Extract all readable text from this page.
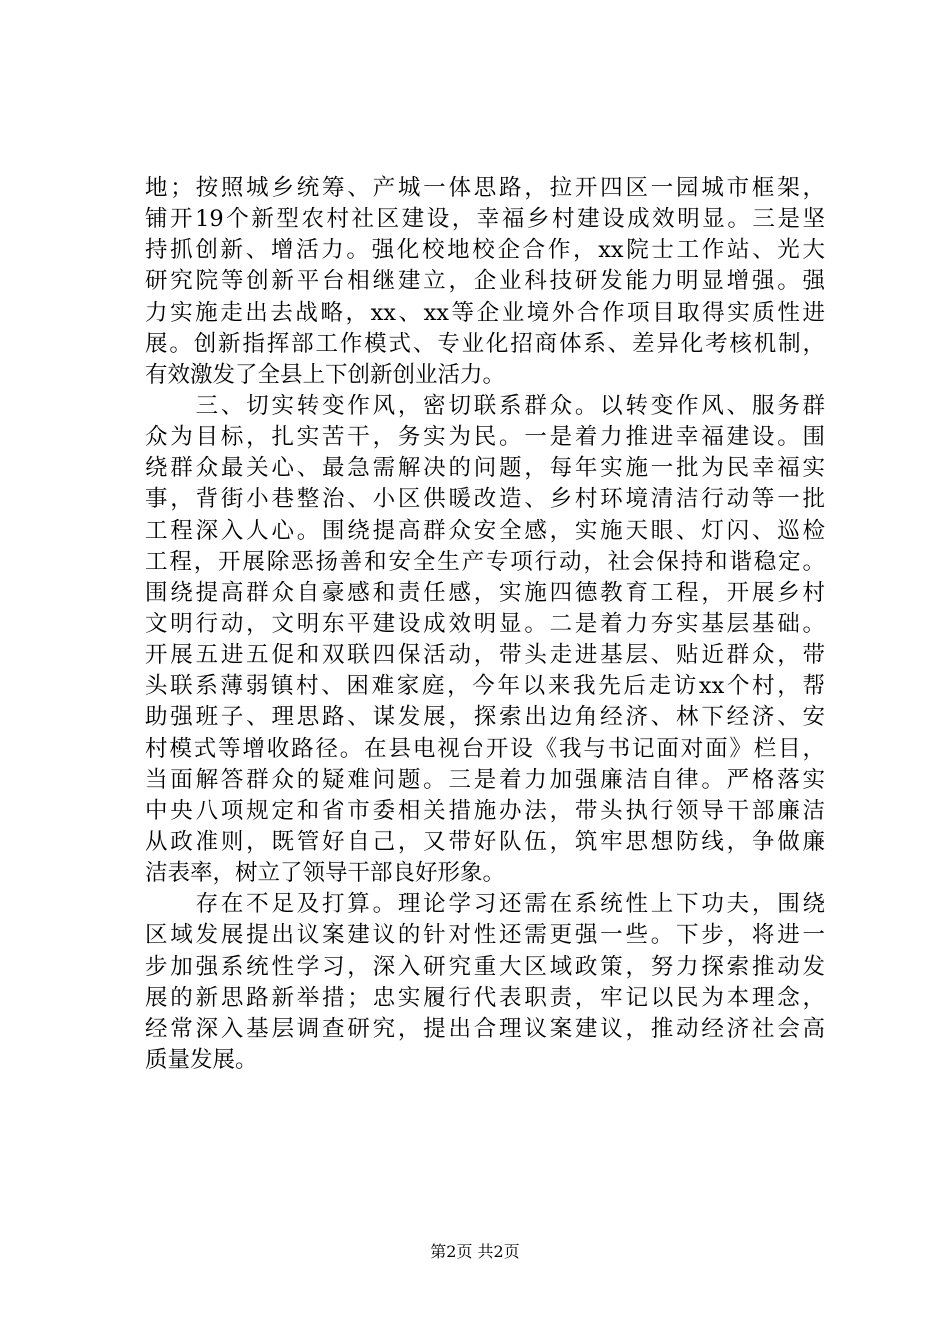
地；按照城乡统筹、产城一体思路，拉开四区一园城市框架，
铺开19个新型农村社区建设，幸福乡村建设成效明显。三是坚
持抓创新、增活力。强化校地校企合作，xx院士工作站、光大
研究院等创新平台相继建立，企业科技研发能力明显增强。强
力实施走出去战略，xx、xx等企业境外合作项目取得实质性进
展。创新指挥部工作模式、专业化招商体系、差异化考核机制，
有效激发了全县上下创新创业活力。
　　三、切实转变作风，密切联系群众。以转变作风、服务群
众为目标，扎实苦干，务实为民。一是着力推进幸福建设。围
绕群众最关心、最急需解决的问题，每年实施一批为民幸福实
事，背街小巷整治、小区供暖改造、乡村环境清洁行动等一批
工程深入人心。围绕提高群众安全感，实施天眼、灯闪、巡检
工程，开展除恶扬善和安全生产专项行动，社会保持和谐稳定。
围绕提高群众自豪感和责任感，实施四德教育工程，开展乡村
文明行动，文明东平建设成效明显。二是着力夯实基层基础。
开展五进五促和双联四保活动，带头走进基层、贴近群众，带
头联系薄弱镇村、困难家庭，今年以来我先后走访xx个村，帮
助强班子、理思路、谋发展，探索出边角经济、林下经济、安
村模式等增收路径。在县电视台开设《我与书记面对面》栏目，
当面解答群众的疑难问题。三是着力加强廉洁自律。严格落实
中央八项规定和省市委相关措施办法，带头执行领导干部廉洁
从政准则，既管好自己，又带好队伍，筑牢思想防线，争做廉
洁表率，树立了领导干部良好形象。
　　存在不足及打算。理论学习还需在系统性上下功夫，围绕
区域发展提出议案建议的针对性还需更强一些。下步，将进一
步加强系统性学习，深入研究重大区域政策，努力探索推动发
展的新思路新举措；忠实履行代表职责，牢记以民为本理念，
经常深入基层调查研究，提出合理议案建议，推动经济社会高
质量发展。
第2页 共2页
